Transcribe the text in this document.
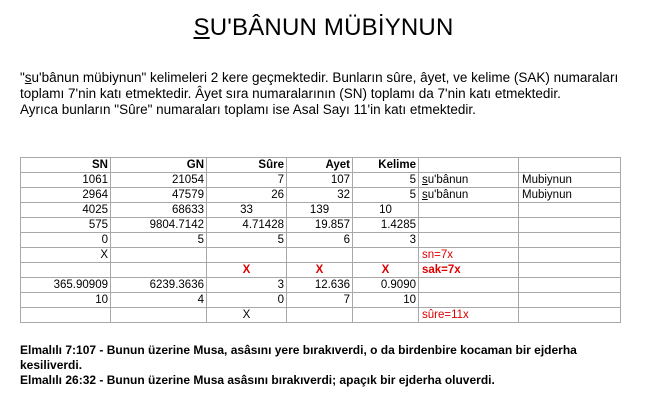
SU'BÂNUN MÜBİYNUN
"su'bânun mübiynun" kelimeleri 2 kere geçmektedir. Bunların sûre, âyet, ve kelime (SAK) numaraları toplamı 7'nin katı etmektedir. Âyet sıra numaralarının (SN) toplamı da 7'nin katı etmektedir.
Ayrıca bunların "Sûre" numaraları toplamı ise Asal Sayı 11'in katı etmektedir.
SN	GN	Sûre	Ayet	Kelime		
1061	21054	7	107	5	su'bânun	Mubiynun
2964	47579	26	32	5	su'bânun	Mubiynun
4025	68633	33	139	10		
575	9804.7142	4.71428	19.857	1.4285		
0	5	5	6	3		
X					sn=7x	
		X	X	X	sak=7x	
365.90909	6239.3636	3	12.636	0.9090		
10	4	0	7	10		
		X			sûre=11x	
Elmalılı 7:107 - Bunun üzerine Musa, asâsını yere bırakıverdi, o da birdenbire kocaman bir ejderha kesiliverdi.
Elmalılı 26:32 - Bunun üzerine Musa asâsını bırakıverdi; apaçık bir ejderha oluverdi.
